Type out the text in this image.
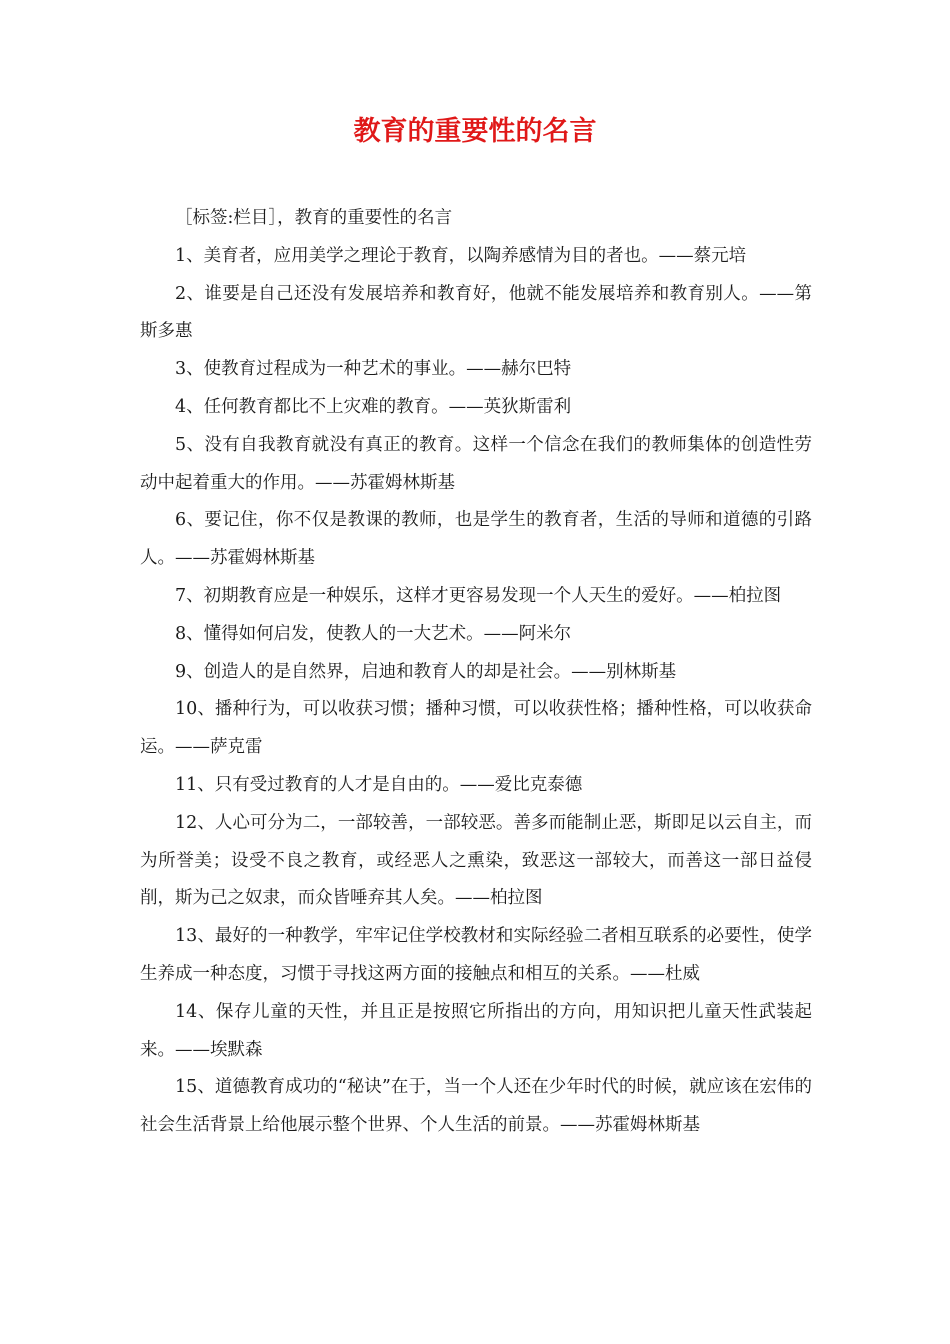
教育的重要性的名言

［标签:栏目］，教育的重要性的名言

1、美育者，应用美学之理论于教育，以陶养感情为目的者也。——蔡元培

2、谁要是自己还没有发展培养和教育好，他就不能发展培养和教育别人。——第斯多惠

3、使教育过程成为一种艺术的事业。——赫尔巴特

4、任何教育都比不上灾难的教育。——英狄斯雷利

5、没有自我教育就没有真正的教育。这样一个信念在我们的教师集体的创造性劳动中起着重大的作用。——苏霍姆林斯基

6、要记住，你不仅是教课的教师，也是学生的教育者，生活的导师和道德的引路人。——苏霍姆林斯基

7、初期教育应是一种娱乐，这样才更容易发现一个人天生的爱好。——柏拉图

8、懂得如何启发，使教人的一大艺术。——阿米尔

9、创造人的是自然界，启迪和教育人的却是社会。——别林斯基

10、播种行为，可以收获习惯；播种习惯，可以收获性格；播种性格，可以收获命运。——萨克雷

11、只有受过教育的人才是自由的。——爱比克泰德

12、人心可分为二，一部较善，一部较恶。善多而能制止恶，斯即足以云自主，而为所誉美；设受不良之教育，或经恶人之熏染，致恶这一部较大，而善这一部日益侵削，斯为己之奴隶，而众皆唾弃其人矣。——柏拉图

13、最好的一种教学，牢牢记住学校教材和实际经验二者相互联系的必要性，使学生养成一种态度，习惯于寻找这两方面的接触点和相互的关系。——杜威

14、保存儿童的天性，并且正是按照它所指出的方向，用知识把儿童天性武装起来。——埃默森

15、道德教育成功的“秘诀”在于，当一个人还在少年时代的时候，就应该在宏伟的社会生活背景上给他展示整个世界、个人生活的前景。——苏霍姆林斯基
